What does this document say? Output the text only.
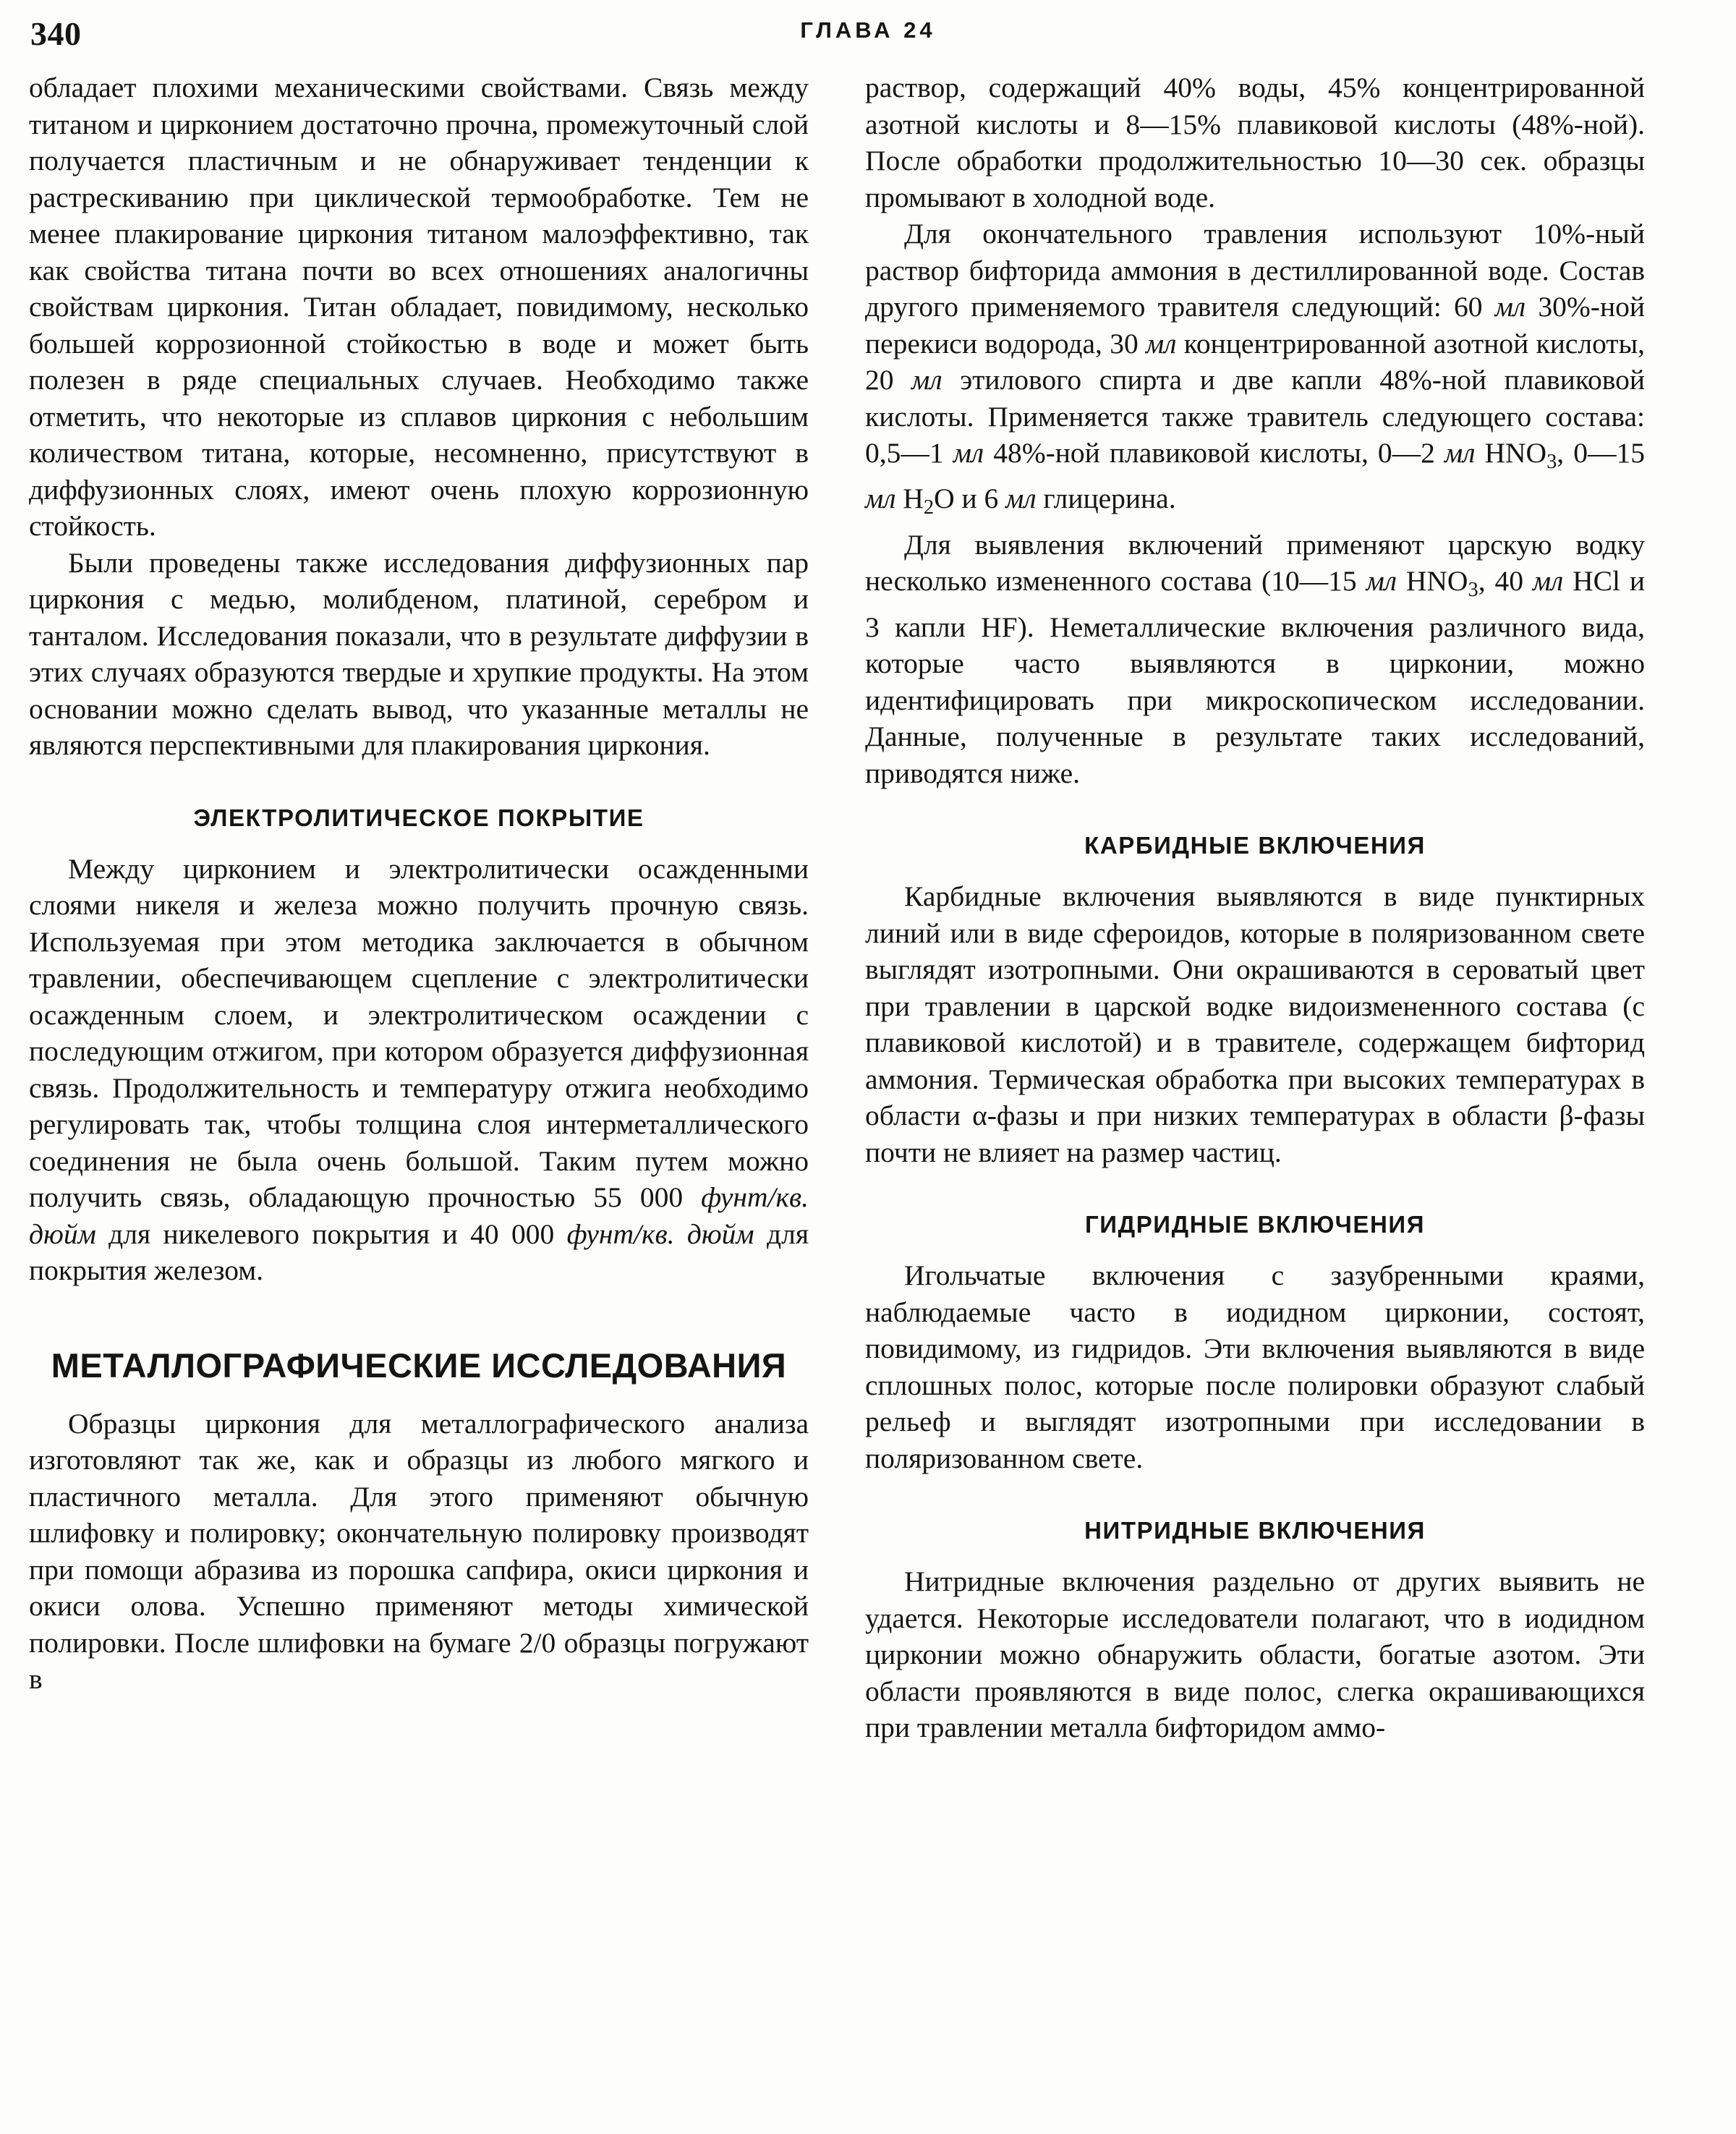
340	ГЛАВА 24

обладает плохими механическими свойствами. Связь между титаном и цирконием достаточно прочна, промежуточный слой получается пластичным и не обнаруживает тенденции к растрескиванию при циклической термообработке. Тем не менее плакирование циркония титаном малоэффективно, так как свойства титана почти во всех отношениях аналогичны свойствам циркония. Титан обладает, повидимому, несколько большей коррозионной стойкостью в воде и может быть полезен в ряде специальных случаев. Необходимо также отметить, что некоторые из сплавов циркония с небольшим количеством титана, которые, несомненно, присутствуют в диффузионных слоях, имеют очень плохую коррозионную стойкость.

Были проведены также исследования диффузионных пар циркония с медью, молибденом, платиной, серебром и танталом. Исследования показали, что в результате диффузии в этих случаях образуются твердые и хрупкие продукты. На этом основании можно сделать вывод, что указанные металлы не являются перспективными для плакирования циркония.

ЭЛЕКТРОЛИТИЧЕСКОЕ ПОКРЫТИЕ

Между цирконием и электролитически осажденными слоями никеля и железа можно получить прочную связь. Используемая при этом методика заключается в обычном травлении, обеспечивающем сцепление с электролитически осажденным слоем, и электролитическом осаждении с последующим отжигом, при котором образуется диффузионная связь. Продолжительность и температуру отжига необходимо регулировать так, чтобы толщина слоя интерметаллического соединения не была очень большой. Таким путем можно получить связь, обладающую прочностью 55 000 фунт/кв. дюйм для никелевого покрытия и 40 000 фунт/кв. дюйм для покрытия железом.

МЕТАЛЛОГРАФИЧЕСКИЕ ИССЛЕДОВАНИЯ

Образцы циркония для металлографического анализа изготовляют так же, как и образцы из любого мягкого и пластичного металла. Для этого применяют обычную шлифовку и полировку; окончательную полировку производят при помощи абразива из порошка сапфира, окиси циркония и окиси олова. Успешно применяют методы химической полировки. После шлифовки на бумаге 2/0 образцы погружают в

раствор, содержащий 40% воды, 45% концентрированной азотной кислоты и 8—15% плавиковой кислоты (48%-ной). После обработки продолжительностью 10—30 сек. образцы промывают в холодной воде.

Для окончательного травления используют 10%-ный раствор бифторида аммония в дестиллированной воде. Состав другого применяемого травителя следующий: 60 мл 30%-ной перекиси водорода, 30 мл концентрированной азотной кислоты, 20 мл этилового спирта и две капли 48%-ной плавиковой кислоты. Применяется также травитель следующего состава: 0,5—1 мл 48%-ной плавиковой кислоты, 0—2 мл $HNO_3$, 0—15 мл $H_2O$ и 6 мл глицерина.

Для выявления включений применяют царскую водку несколько измененного состава (10—15 мл $HNO_3$, 40 мл HCl и 3 капли HF). Неметаллические включения различного вида, которые часто выявляются в цирконии, можно идентифицировать при микроскопическом исследовании. Данные, полученные в результате таких исследований, приводятся ниже.

КАРБИДНЫЕ ВКЛЮЧЕНИЯ

Карбидные включения выявляются в виде пунктирных линий или в виде сфероидов, которые в поляризованном свете выглядят изотропными. Они окрашиваются в сероватый цвет при травлении в царской водке видоизмененного состава (с плавиковой кислотой) и в травителе, содержащем бифторид аммония. Термическая обработка при высоких температурах в области α-фазы и при низких температурах в области β-фазы почти не влияет на размер частиц.

ГИДРИДНЫЕ ВКЛЮЧЕНИЯ

Игольчатые включения с зазубренными краями, наблюдаемые часто в иодидном цирконии, состоят, повидимому, из гидридов. Эти включения выявляются в виде сплошных полос, которые после полировки образуют слабый рельеф и выглядят изотропными при исследовании в поляризованном свете.

НИТРИДНЫЕ ВКЛЮЧЕНИЯ

Нитридные включения раздельно от других выявить не удается. Некоторые исследователи полагают, что в иодидном цирконии можно обнаружить области, богатые азотом. Эти области проявляются в виде полос, слегка окрашивающихся при травлении металла бифторидом аммо-
